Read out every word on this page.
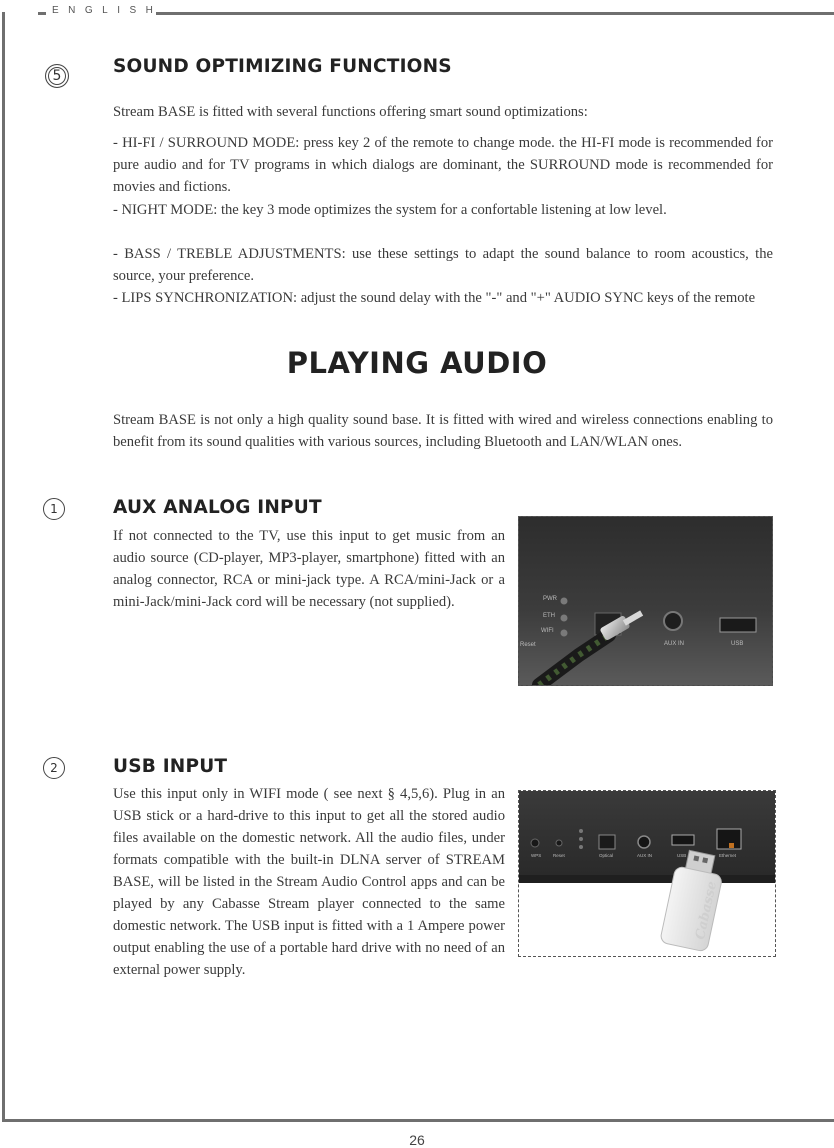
ENGLISH
5	SOUND OPTIMIZING FUNCTIONS
Stream BASE is fitted with several functions offering smart sound optimizations:
- HI-FI / SURROUND MODE: press key 2 of the remote to change mode. the HI-FI mode is recommended for pure audio and for TV programs in which dialogs are dominant, the SURROUND mode is recommended for movies and fictions.
- NIGHT MODE: the key 3 mode optimizes the system for a confortable listening at low level.
- BASS / TREBLE ADJUSTMENTS: use these settings to adapt the sound balance to room acoustics, the source, your preference.
- LIPS SYNCHRONIZATION: adjust the sound delay with the "-" and "+" AUDIO SYNC keys of the remote
PLAYING AUDIO
Stream BASE is not only a high quality sound base. It is fitted with wired and wireless connections enabling to benefit from its sound qualities with various sources, including Bluetooth and LAN/WLAN ones.
1	AUX ANALOG INPUT
If not connected to the TV, use this input to get music from an audio source (CD-player, MP3-player, smartphone) fitted with an analog connector, RCA or mini-jack type. A RCA/mini-Jack or a mini-Jack/mini-Jack cord will be necessary (not supplied).	PWR
ETH
WIFI
Reset	AUX IN	USB
2	USB INPUT
Use this input only in WIFI mode ( see next § 4,5,6). Plug in an USB stick or a hard-drive to this input to get all the stored audio files available on the domestic network. All the audio files, under formats compatible with the built-in DLNA server of STREAM BASE, will be listed in the Stream Audio Control apps and can be played by any Cabasse Stream player connected to the same domestic network. The USB input is fitted with a 1 Ampere power output enabling the use of a portable hard drive with no need of an external power supply.
WPS	Reset	Optical	AUX IN	USB	Ethernet
Cabasse
26
